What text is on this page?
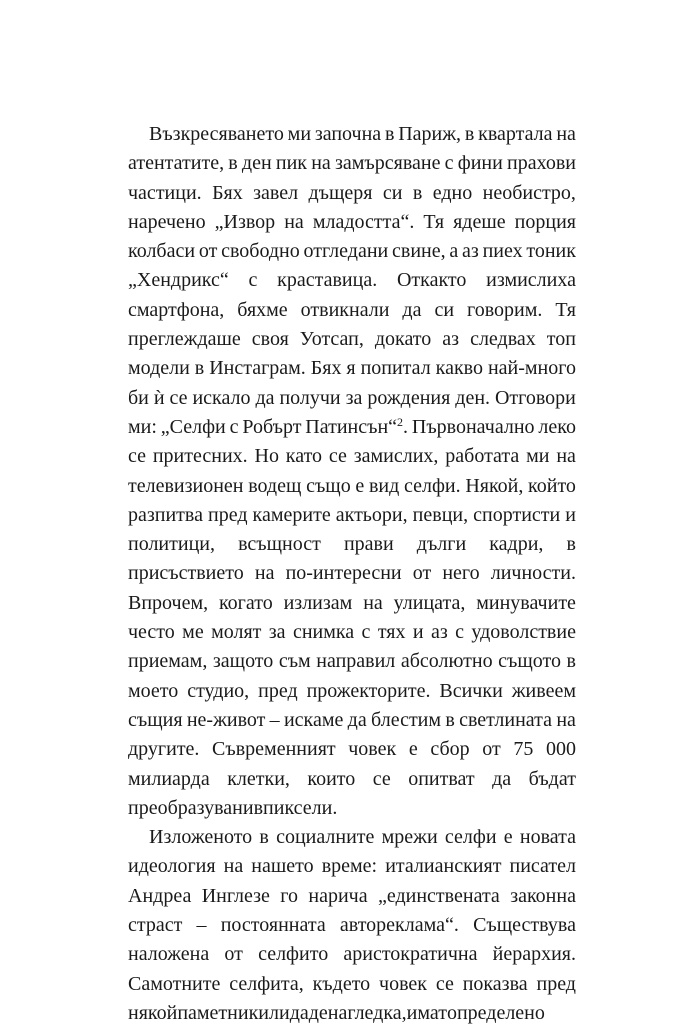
Възкресяването ми започна в Париж, в квартала на
атентатите, в ден пик на замърсяване с фини прахови
частици. Бях завел дъщеря си в едно необистро,
наречено „Извор на младостта“. Тя ядеше порция
колбаси от свободно отгледани свине, а аз пиех тоник
„Хендрикс“ с краставица. Откакто измислиха
смартфона, бяхме отвикнали да си говорим. Тя
преглеждаше своя Уотсап, докато аз следвах топ
модели в Инстаграм. Бях я попитал какво най-много
би ѝ се искало да получи за рождения ден. Отговори
ми: „Селфи с Робърт Патинсън“$^2$. Първоначално леко
се притесних. Но като се замислих, работата ми на
телевизионен водещ също е вид селфи. Някой, който
разпитва пред камерите актьори, певци, спортисти и
политици, всъщност прави дълги кадри, в
присъствието на по-интересни от него личности.
Впрочем, когато излизам на улицата, минувачите
често ме молят за снимка с тях и аз с удоволствие
приемам, защото съм направил абсолютно същото в
моето студио, пред прожекторите. Всички живеем
същия не-живот – искаме да блестим в светлината на
другите. Съвременният човек е сбор от 75 000
милиарда клетки, които се опитват да бъдат
преобразувани в пиксели.
Изложеното в социалните мрежи селфи е новата
идеология на нашето време: италианският писател
Андреа Инглезе го нарича „единствената законна
страст – постоянната автореклама“. Съществува
наложена от селфито аристократична йерархия.
Самотните селфита, където човек се показва пред
някой паметник или дадена гледка, имат определено
